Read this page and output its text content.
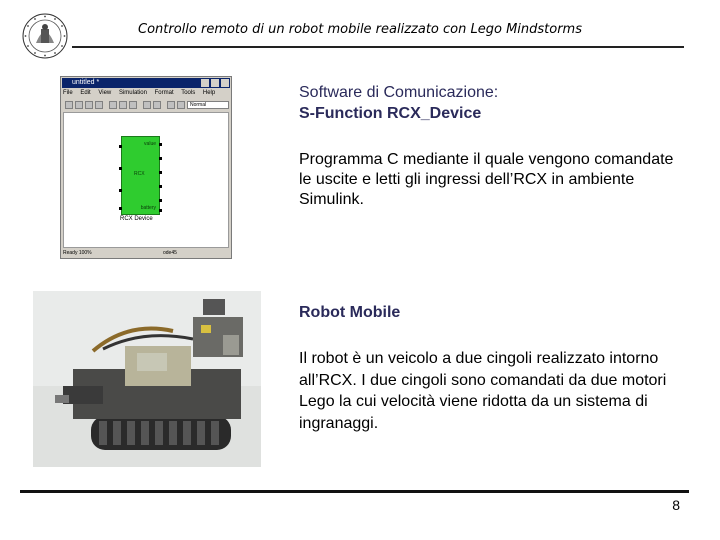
Controllo remoto di un robot mobile realizzato con Lego Mindstorms
untitled *
File Edit View Simulation Format Tools Help
Normal
value
RCX
battery
RCX Device
Ready 100%	ode45
Software di Comunicazione:
S-Function RCX_Device
Programma C mediante il quale vengono comandate le uscite e letti gli ingressi dell’RCX in ambiente Simulink.
Robot Mobile
Il robot è un veicolo a due cingoli realizzato intorno all’RCX. I due cingoli sono comandati da due motori Lego la cui velocità viene ridotta da un sistema di ingranaggi.
8
